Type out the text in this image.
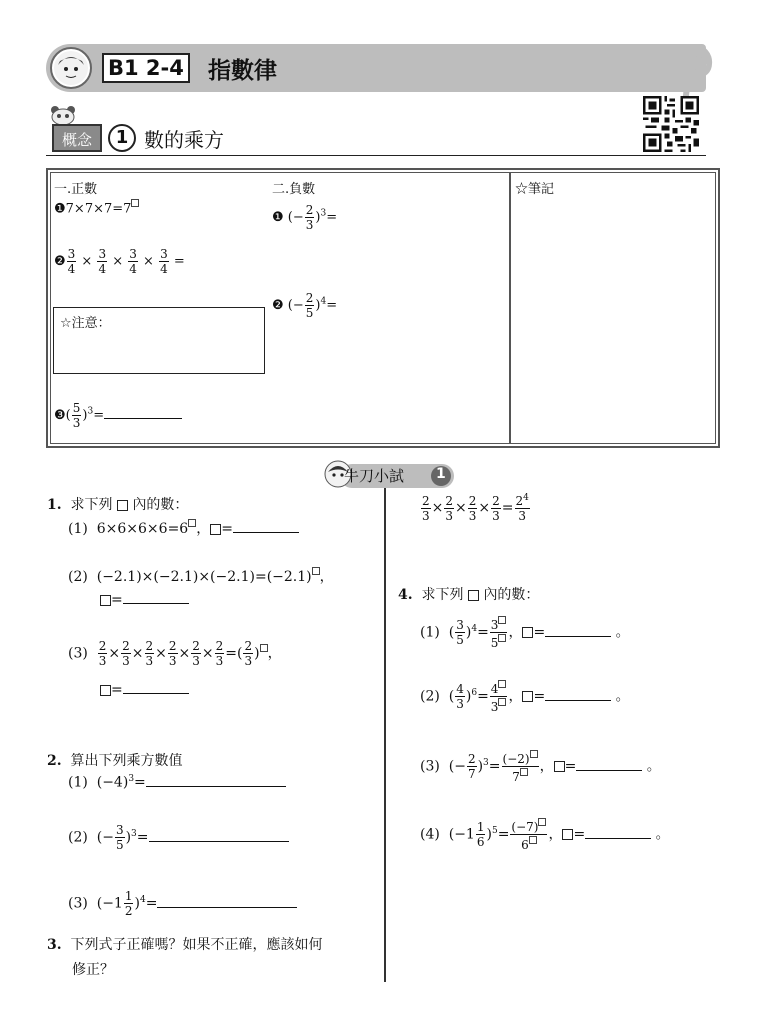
B1 2-4 指數律
概念	1 數的乘方
一.正數	二.負數	☆筆記
❶7×7×7=7
❷ $\frac{3}{4} \times \frac{3}{4} \times \frac{3}{4} \times \frac{3}{4}$ =
☆注意：
❸( $\frac{5}{3} )^3=$
❶ (− $\frac{2}{3} )^3=$
❷ (− $\frac{2}{5} )^4=$
牛刀小試 1
1. 求下列 內的數：
(1)  6×6×6×6=6 ， =
(2)  (−2.1)×(−2.1)×(−2.1)=(−2.1) ，
=
$(3) \frac{2}{3} \times \frac{2}{3} \times \frac{2}{3} \times \frac{2}{3} \times \frac{2}{3} \times \frac{2}{3}$ =( $\frac{2}{3}$ ) ，
=
2. 算出下列乘方數值
(1)  $(-4)^3=$
(2)  (− $\frac{3}{5} )^3=$
(3)  $(-1 \frac{1}{2} )^4=$
3. 下列式子正確嗎？如果不正確，應該如何
修正？
$\frac{2}{3} \times \frac{2}{3} \times \frac{2}{3} \times \frac{2}{3} = \frac{2^4}{3}$
4. 求下列 內的數：
(1)  ( $\frac{3}{5} )^4= \frac{3}{5}$ ， =	。
(2)  ( $\frac{4}{3} )^6= \frac{4}{3}$ ， =	。
(3)  (− $\frac{2}{7} )^3= \frac{(-2)}{7}$ ， =	。
(4)  $(-1 \frac{1}{6} )^5= \frac{(-7)}{6}$ ， =	。
